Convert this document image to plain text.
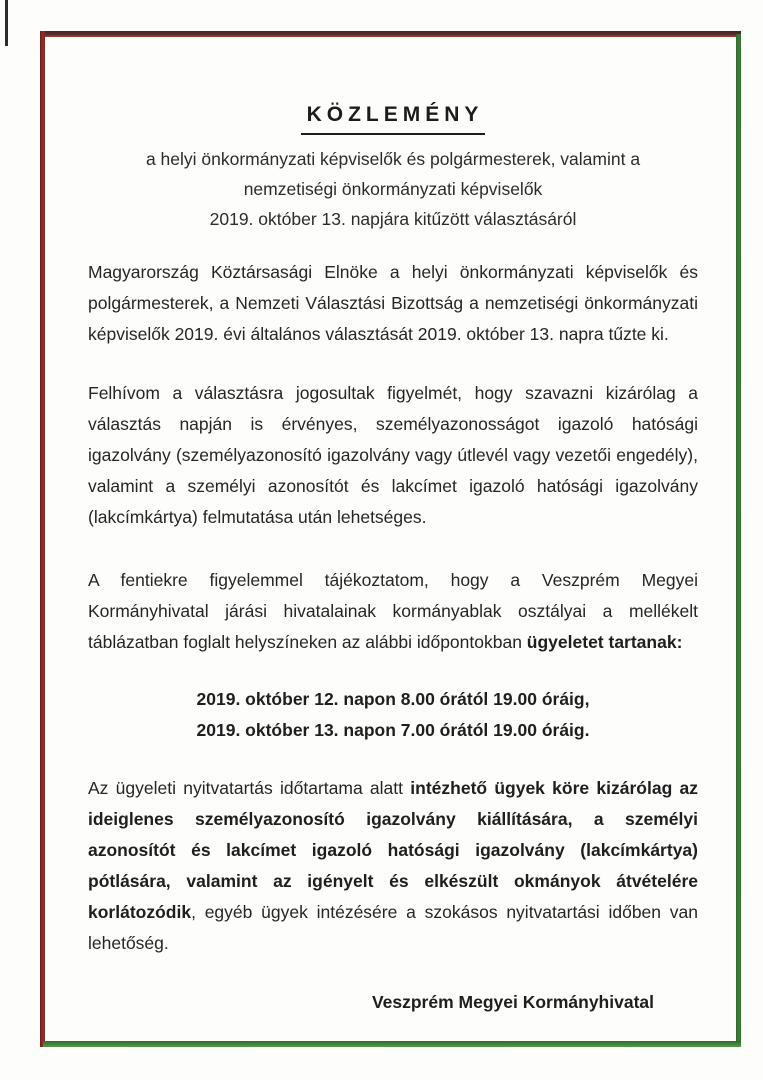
KÖZLEMÉNY
a helyi önkormányzati képviselők és polgármesterek, valamint a
nemzetiségi önkormányzati képviselők
2019. október 13. napjára kitűzött választásáról

Magyarország Köztársasági Elnöke a helyi önkormányzati képviselők és polgármesterek, a Nemzeti Választási Bizottság a nemzetiségi önkormányzati képviselők 2019. évi általános választását 2019. október 13. napra tűzte ki.

Felhívom a választásra jogosultak figyelmét, hogy szavazni kizárólag a választás napján is érvényes, személyazonosságot igazoló hatósági igazolvány (személyazonosító igazolvány vagy útlevél vagy vezetői engedély), valamint a személyi azonosítót és lakcímet igazoló hatósági igazolvány (lakcímkártya) felmutatása után lehetséges.

A fentiekre figyelemmel tájékoztatom, hogy a Veszprém Megyei Kormányhivatal járási hivatalainak kormányablak osztályai a mellékelt táblázatban foglalt helyszíneken az alábbi időpontokban ügyeletet tartanak:

2019. október 12. napon 8.00 órától 19.00 óráig,
2019. október 13. napon 7.00 órától 19.00 óráig.

Az ügyeleti nyitvatartás időtartama alatt intézhető ügyek köre kizárólag az ideiglenes személyazonosító igazolvány kiállítására, a személyi azonosítót és lakcímet igazoló hatósági igazolvány (lakcímkártya) pótlására, valamint az igényelt és elkészült okmányok átvételére korlátozódik, egyéb ügyek intézésére a szokásos nyitvatartási időben van lehetőség.

Veszprém Megyei Kormányhivatal
